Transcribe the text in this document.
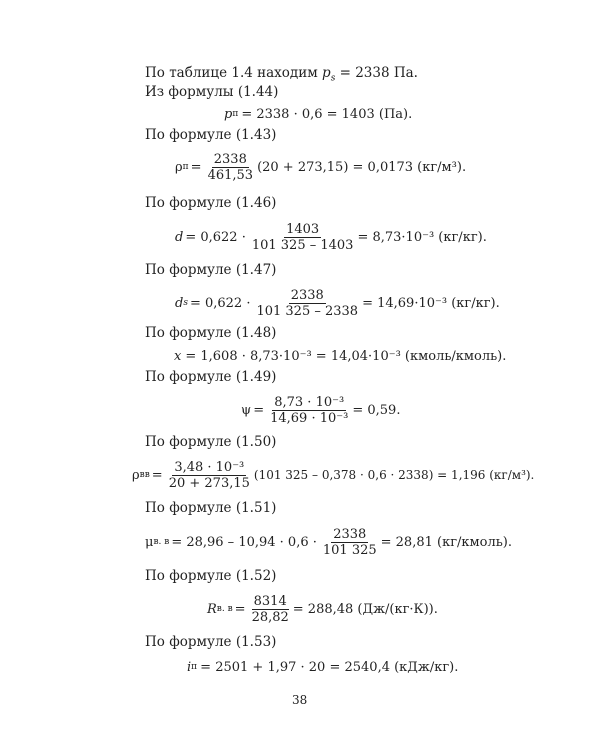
По таблице 1.4 находим $p_s = 2338$ Па.
Из формулы (1.44)
p п = 2338 · 0,6 = 1403 (Па).
По формуле (1.43)
ρ $п = \frac{2338}{461,53} (20 + 273,15) = 0,0173$ (кг/м³).
По формуле (1.46)
$d = 0,622 \cdot \frac{1403}{101 325 - 1403} = 8,73\cdot 10^{-3}$ (кг/кг).
По формуле (1.47)
d $s = 0,622 \cdot \frac{2338}{101 325 - 2338} = 14,69\cdot 10^{-3}$ (кг/кг).
По формуле (1.48)
x = 1,608 · 8,73·10⁻³ = 14,04·10⁻³ (кмоль/кмоль).
По формуле (1.49)
$\psi = \frac{\text{8,73 · 10⁻³}}{\text{14,69 · 10⁻³}} = 0,59$.
По формуле (1.50)
ρ вв = $\frac{\text{3,48 · 10⁻³}}{20 + 273,15} (101$ 325 – 0,378 · 0,6 · 2338) = 1,196 (кг/м³).
По формуле (1.51)
μ в. $в = 28,96 - 10,94 \cdot 0,6 \cdot \frac{2338}{101 325} = 28,81$ (кг/кмоль).
По формуле (1.52)
R в. $в = \frac{8314}{28,82} = 288,48$ (Дж/(кг·К)).
По формуле (1.53)
i п = 2501 + 1,97 · 20 = 2540,4 (кДж/кг).
38
